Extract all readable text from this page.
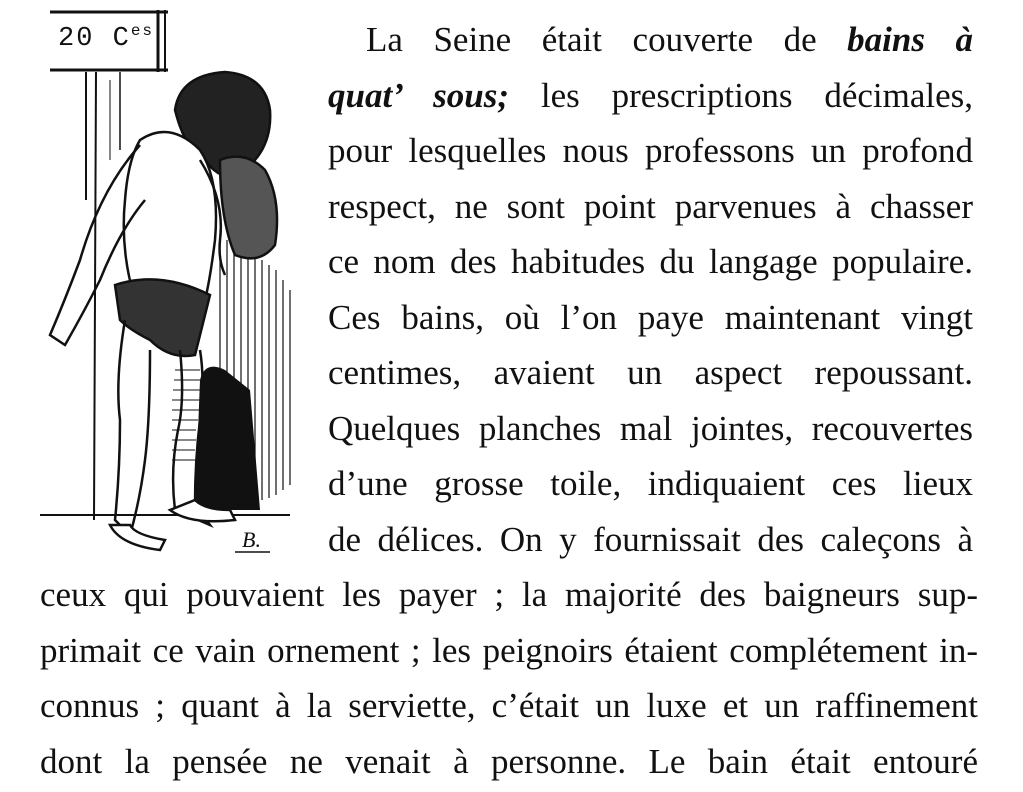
B.
20 $C^{es}$	La Seine était couverte de bains à
quat’ sous; les prescriptions décimales,
pour lesquelles nous professons un profond
respect, ne sont point parvenues à chasser
ce nom des habitudes du langage populaire.
Ces bains, où l’on paye maintenant vingt
centimes, avaient un aspect repoussant.
Quelques planches mal jointes, recouvertes
d’une grosse toile, indiquaient ces lieux
de délices. On y fournissait des caleçons à
ceux qui pouvaient les payer ; la majorité des baigneurs sup-
primait ce vain ornement ; les peignoirs étaient complétement in-
connus ; quant à la serviette, c’était un luxe et un raffinement
dont la pensée ne venait à personne. Le bain était entouré
